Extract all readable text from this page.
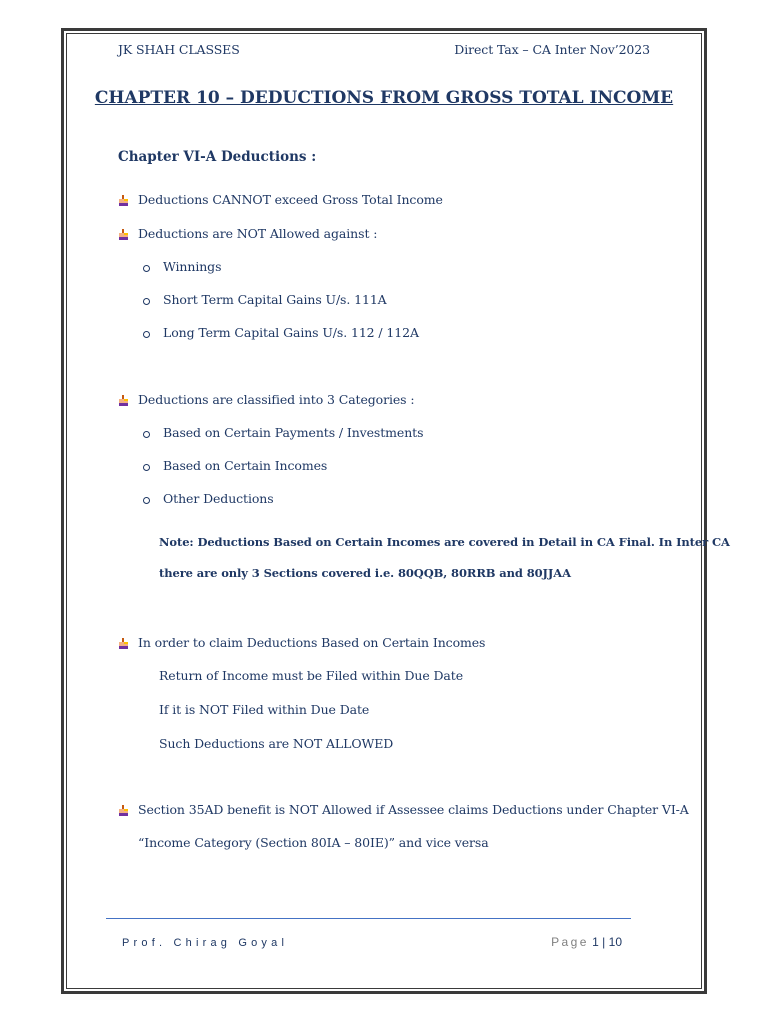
JK SHAH CLASSES	Direct Tax – CA Inter Nov’2023
CHAPTER 10 – DEDUCTIONS FROM GROSS TOTAL INCOME
Chapter VI-A Deductions :
Deductions CANNOT exceed Gross Total Income
Deductions are NOT Allowed against :
Winnings
Short Term Capital Gains U/s. 111A
Long Term Capital Gains U/s. 112 / 112A
Deductions are classified into 3 Categories :
Based on Certain Payments / Investments
Based on Certain Incomes
Other Deductions
Note: Deductions Based on Certain Incomes are covered in Detail in CA Final. In Inter CA
there are only 3 Sections covered i.e. 80QQB, 80RRB and 80JJAA
In order to claim Deductions Based on Certain Incomes
Return of Income must be Filed within Due Date
If it is NOT Filed within Due Date
Such Deductions are NOT ALLOWED
Section 35AD benefit is NOT Allowed if Assessee claims Deductions under Chapter VI-A
“Income Category (Section 80IA – 80IE)” and vice versa
Prof. Chirag Goyal	Page 1 | 10
